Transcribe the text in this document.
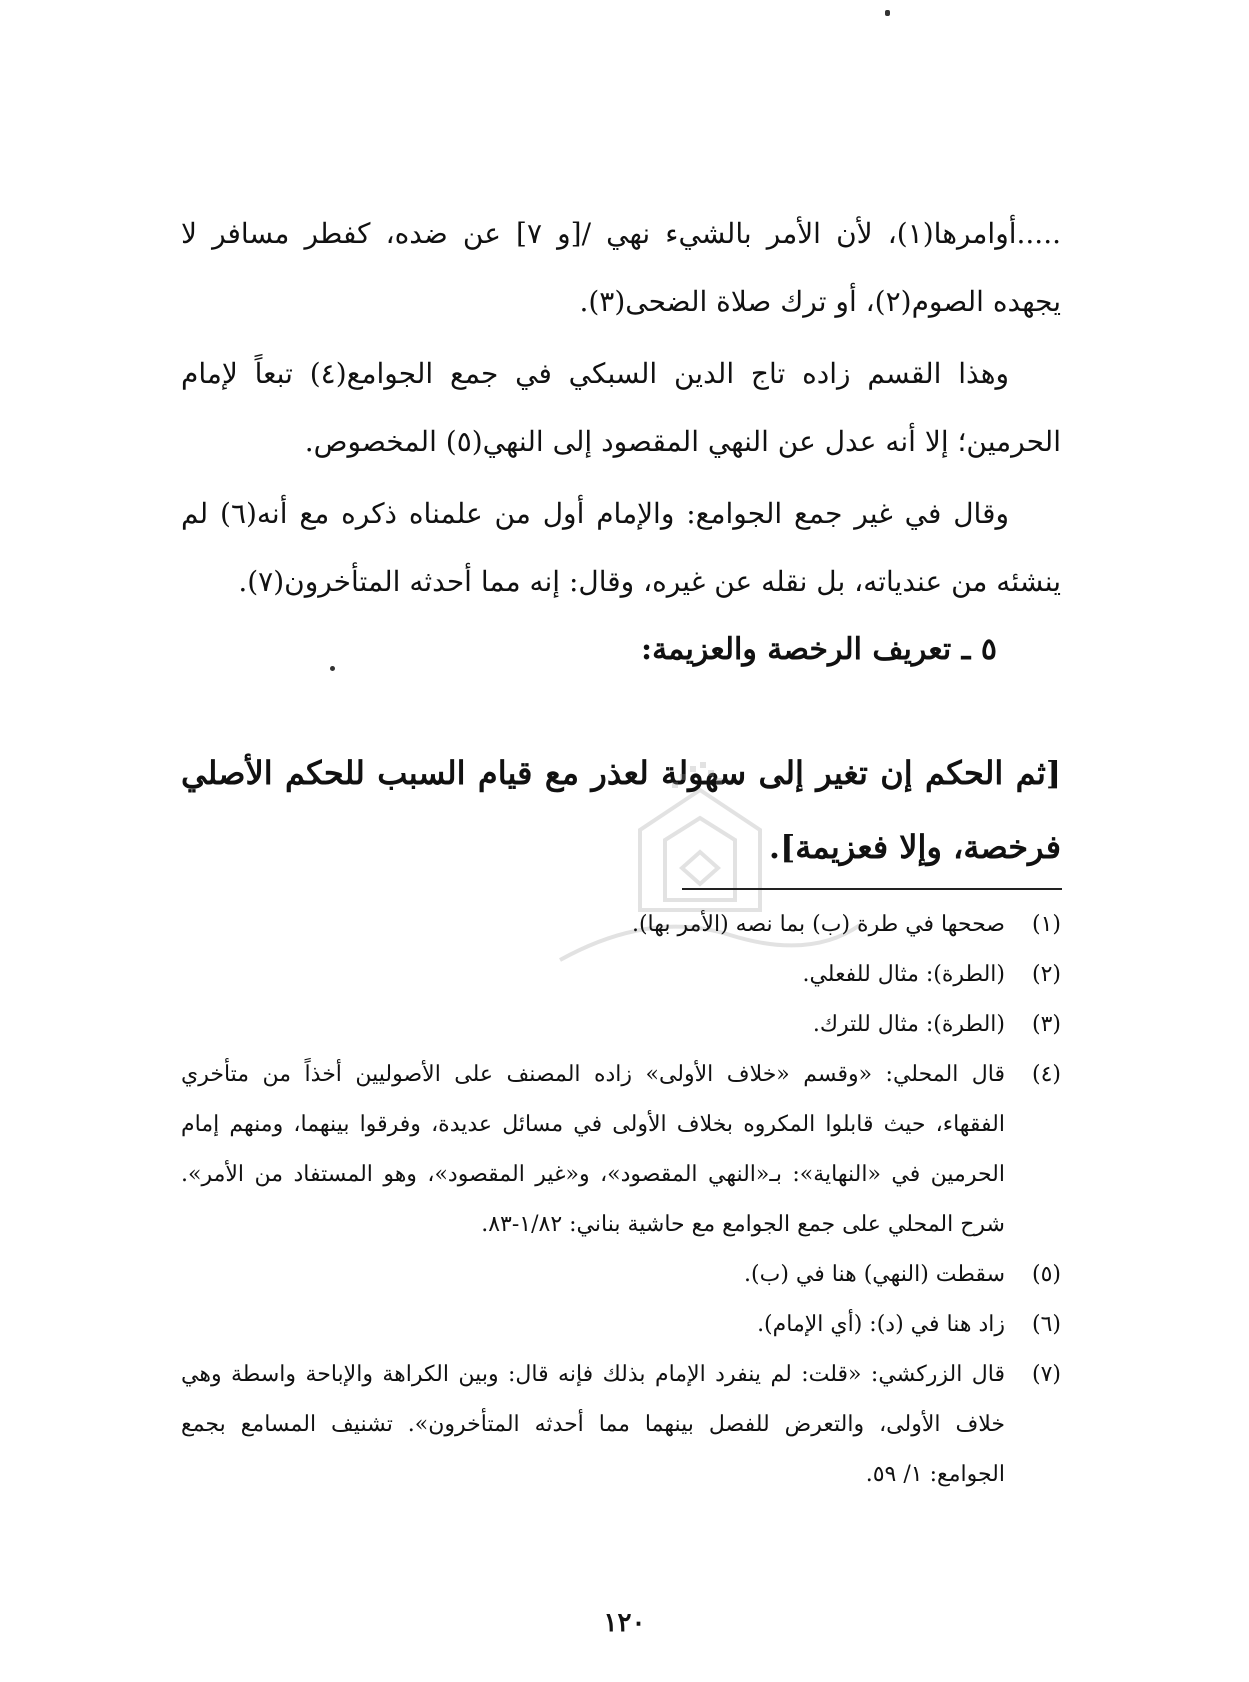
.....أوامرها(١)، لأن الأمر بالشيء نهي /[و ٧] عن ضده، كفطر مسافر لا يجهده الصوم(٢)، أو ترك صلاة الضحى(٣).

وهذا القسم زاده تاج الدين السبكي في جمع الجوامع(٤) تبعاً لإمام الحرمين؛ إلا أنه عدل عن النهي المقصود إلى النهي(٥) المخصوص.

وقال في غير جمع الجوامع: والإمام أول من علمناه ذكره مع أنه(٦) لم ينشئه من عندياته، بل نقله عن غيره، وقال: إنه مما أحدثه المتأخرون(٧).

٥ ـ تعريف الرخصة والعزيمة:

[ثم الحكم إن تغير إلى سهولة لعذر مع قيام السبب للحكم الأصلي فرخصة، وإلا فعزيمة].

(١)
صححها في طرة (ب) بما نصه (الأمر بها).
(٢)
(الطرة): مثال للفعلي.
(٣)
(الطرة): مثال للترك.
(٤)
قال المحلي: «وقسم «خلاف الأولى» زاده المصنف على الأصوليين أخذاً من متأخري الفقهاء، حيث قابلوا المكروه بخلاف الأولى في مسائل عديدة، وفرقوا بينهما، ومنهم إمام الحرمين في «النهاية»: بـ«النهي المقصود»، و«غير المقصود»، وهو المستفاد من الأمر». شرح المحلي على جمع الجوامع مع حاشية بناني: ١/٨٢-٨٣.
(٥)
سقطت (النهي) هنا في (ب).
(٦)
زاد هنا في (د): (أي الإمام).
(٧)
قال الزركشي: «قلت: لم ينفرد الإمام بذلك فإنه قال: وبين الكراهة والإباحة واسطة وهي خلاف الأولى، والتعرض للفصل بينهما مما أحدثه المتأخرون». تشنيف المسامع بجمع الجوامع: ١/ ٥٩.
١٢٠
